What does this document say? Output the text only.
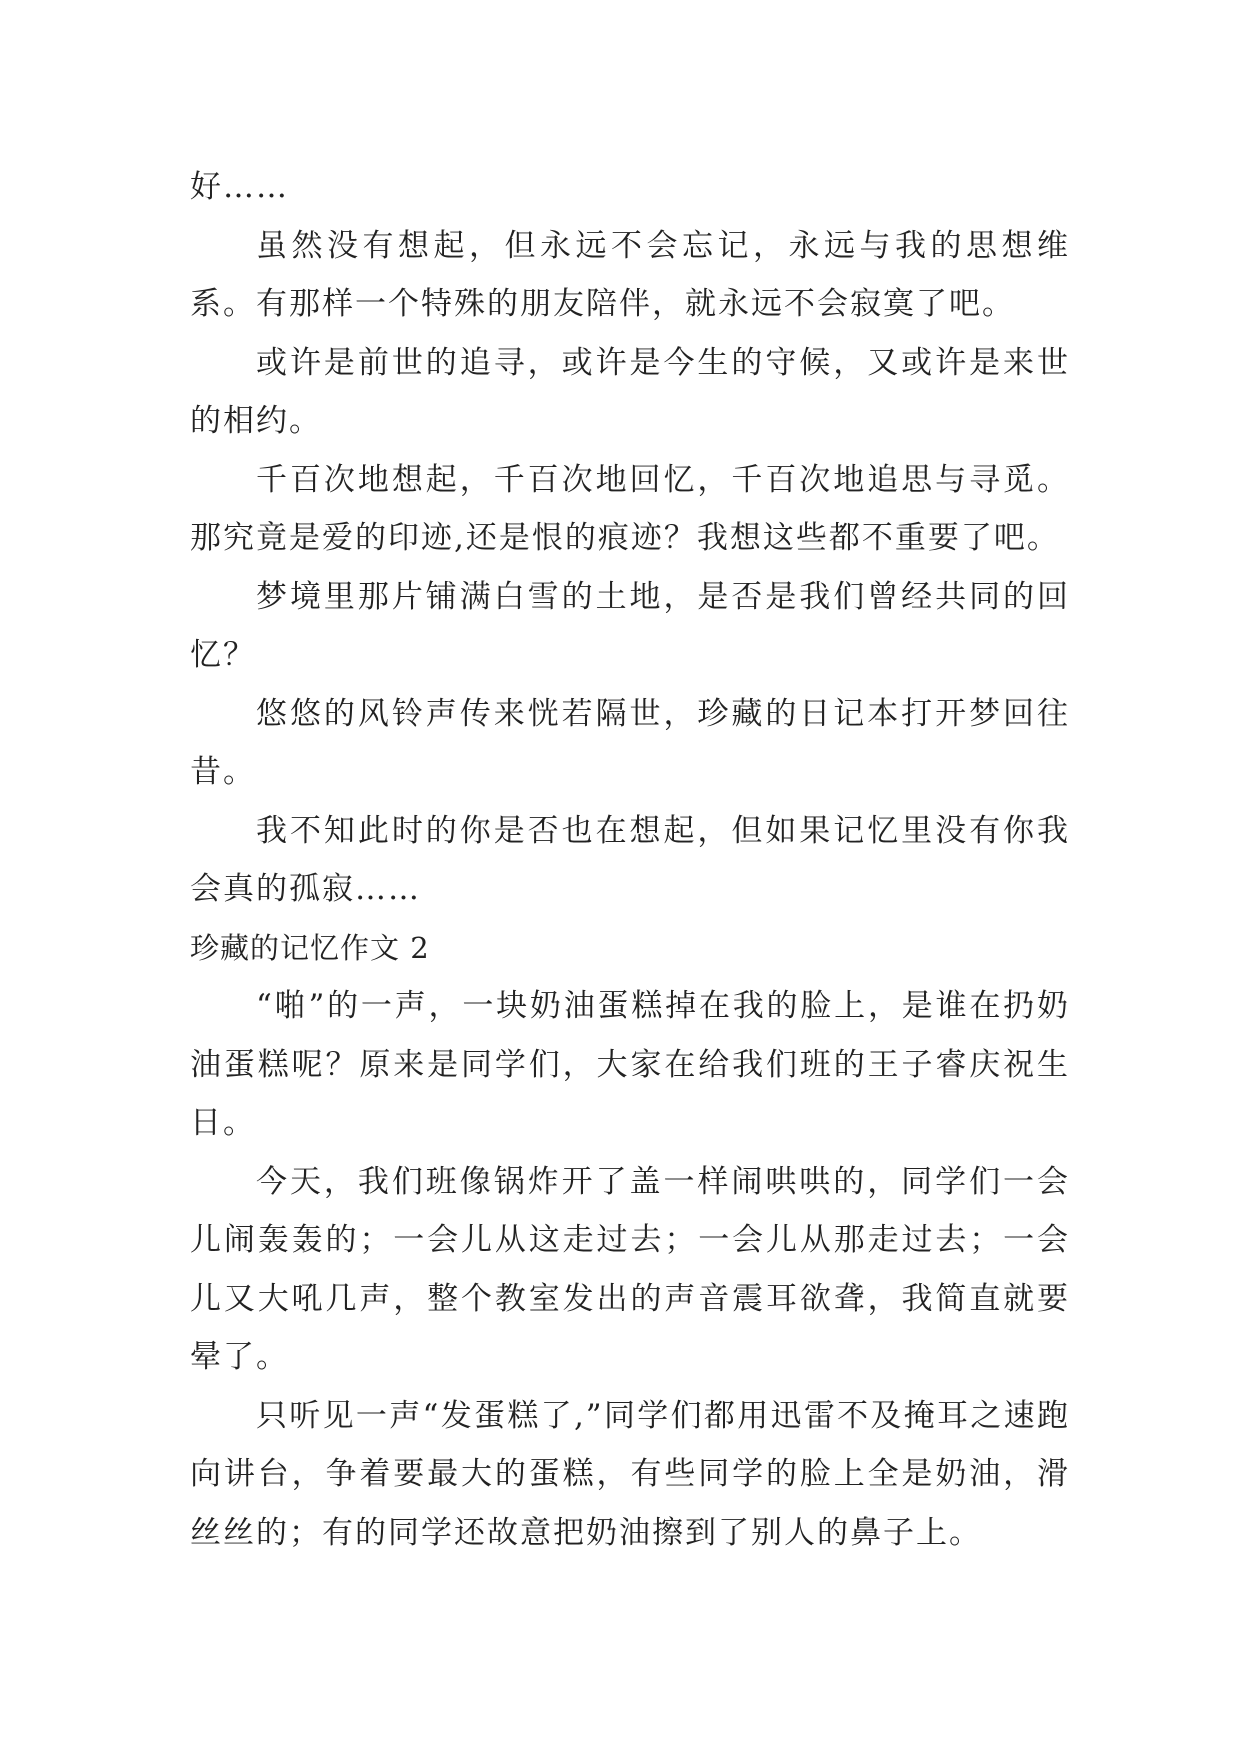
好……

虽然没有想起，但永远不会忘记，永远与我的思想维系。有那样一个特殊的朋友陪伴，就永远不会寂寞了吧。

或许是前世的追寻，或许是今生的守候，又或许是来世的相约。

千百次地想起，千百次地回忆，千百次地追思与寻觅。那究竟是爱的印迹,还是恨的痕迹？我想这些都不重要了吧。

梦境里那片铺满白雪的土地，是否是我们曾经共同的回忆？

悠悠的风铃声传来恍若隔世，珍藏的日记本打开梦回往昔。

我不知此时的你是否也在想起，但如果记忆里没有你我会真的孤寂……

珍藏的记忆作文 2

“啪”的一声，一块奶油蛋糕掉在我的脸上，是谁在扔奶油蛋糕呢？原来是同学们，大家在给我们班的王子睿庆祝生日。

今天，我们班像锅炸开了盖一样闹哄哄的，同学们一会儿闹轰轰的；一会儿从这走过去；一会儿从那走过去；一会儿又大吼几声，整个教室发出的声音震耳欲聋，我简直就要晕了。

只听见一声“发蛋糕了,”同学们都用迅雷不及掩耳之速跑向讲台，争着要最大的蛋糕，有些同学的脸上全是奶油，滑丝丝的；有的同学还故意把奶油擦到了别人的鼻子上。
